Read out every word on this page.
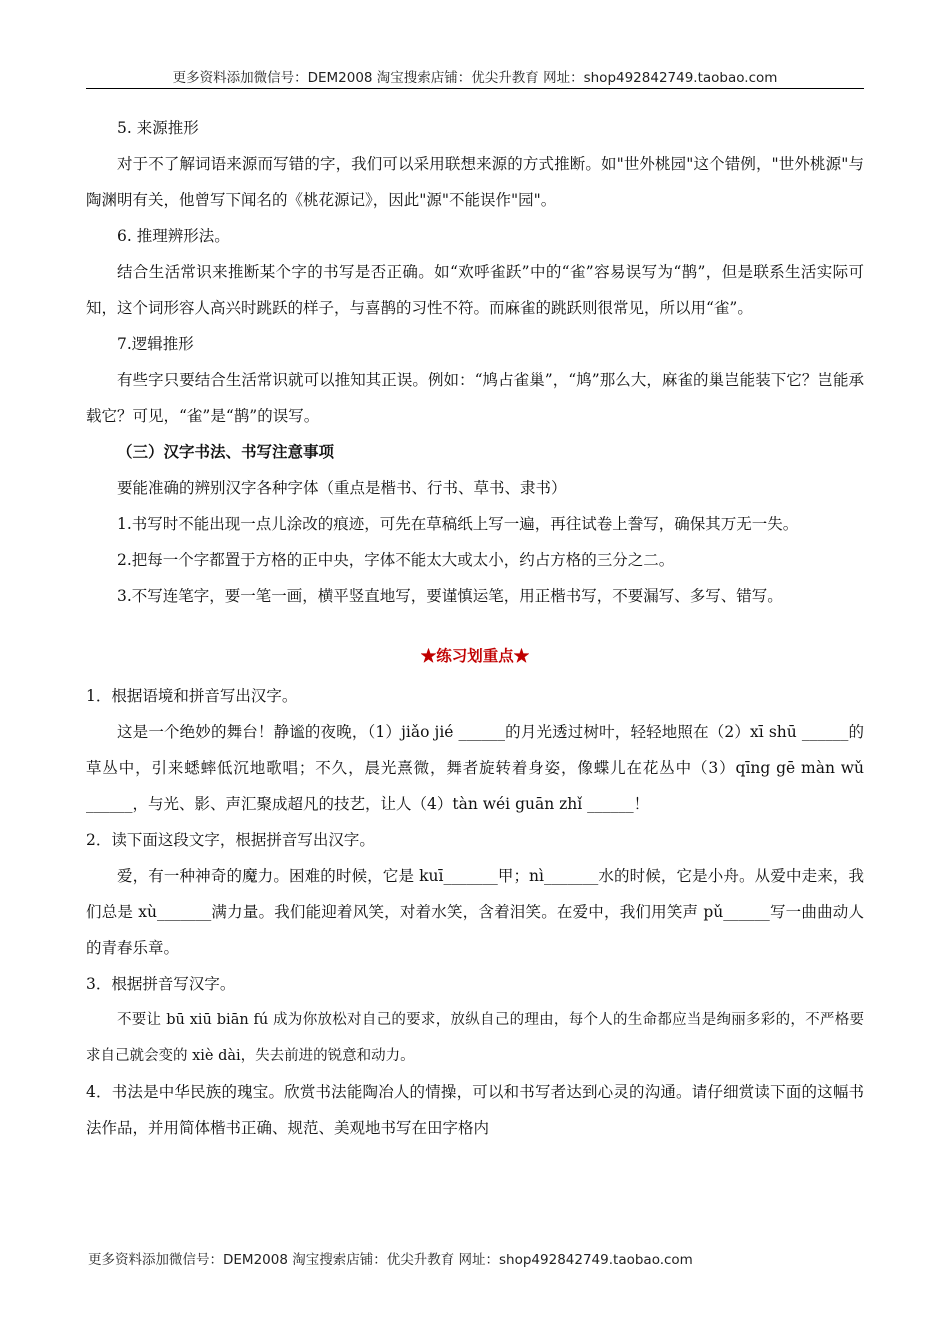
更多资料添加微信号：DEM2008 淘宝搜索店铺：优尖升教育 网址：shop492842749.taobao.com

5. 来源推形

对于不了解词语来源而写错的字，我们可以采用联想来源的方式推断。如"世外桃园"这个错例，"世外桃源"与陶渊明有关，他曾写下闻名的《桃花源记》，因此"源"不能误作"园"。

6. 推理辨形法。

结合生活常识来推断某个字的书写是否正确。如“欢呼雀跃”中的“雀”容易误写为“鹊”，但是联系生活实际可知，这个词形容人高兴时跳跃的样子，与喜鹊的习性不符。而麻雀的跳跃则很常见，所以用“雀”。

7.逻辑推形

有些字只要结合生活常识就可以推知其正误。例如：“鸠占雀巢”，“鸠”那么大，麻雀的巢岂能装下它？岂能承载它？可见，“雀”是“鹊”的误写。

（三）汉字书法、书写注意事项

要能准确的辨别汉字各种字体（重点是楷书、行书、草书、隶书）

1.书写时不能出现一点儿涂改的痕迹，可先在草稿纸上写一遍，再往试卷上誊写，确保其万无一失。

2.把每一个字都置于方格的正中央，字体不能太大或太小，约占方格的三分之二。

3.不写连笔字，要一笔一画，横平竖直地写，要谨慎运笔，用正楷书写，不要漏写、多写、错写。

★练习划重点★

1．根据语境和拼音写出汉字。

这是一个绝妙的舞台！静谧的夜晚，（1）jiǎo jié ______的月光透过树叶，轻轻地照在（2）xī shū ______的草丛中，引来蟋蟀低沉地歌唱；不久，晨光熹微，舞者旋转着身姿，像蝶儿在花丛中（3）qīng gē màn wǔ ______，与光、影、声汇聚成超凡的技艺，让人（4）tàn wéi guān zhǐ ______！

2．读下面这段文字，根据拼音写出汉字。

爱，有一种神奇的魔力。困难的时候，它是 kuī_______甲；nì_______水的时候，它是小舟。从爱中走来，我们总是 xù_______满力量。我们能迎着风笑，对着水笑，含着泪笑。在爱中，我们用笑声 pǔ______写一曲曲动人的青春乐章。

3．根据拼音写汉字。

不要让 bū xiū biān fú 成为你放松对自己的要求，放纵自己的理由，每个人的生命都应当是绚丽多彩的，不严格要求自己就会变的 xiè dài，失去前进的锐意和动力。

4．书法是中华民族的瑰宝。欣赏书法能陶冶人的情操，可以和书写者达到心灵的沟通。请仔细赏读下面的这幅书法作品，并用简体楷书正确、规范、美观地书写在田字格内

更多资料添加微信号：DEM2008 淘宝搜索店铺：优尖升教育 网址：shop492842749.taobao.com
